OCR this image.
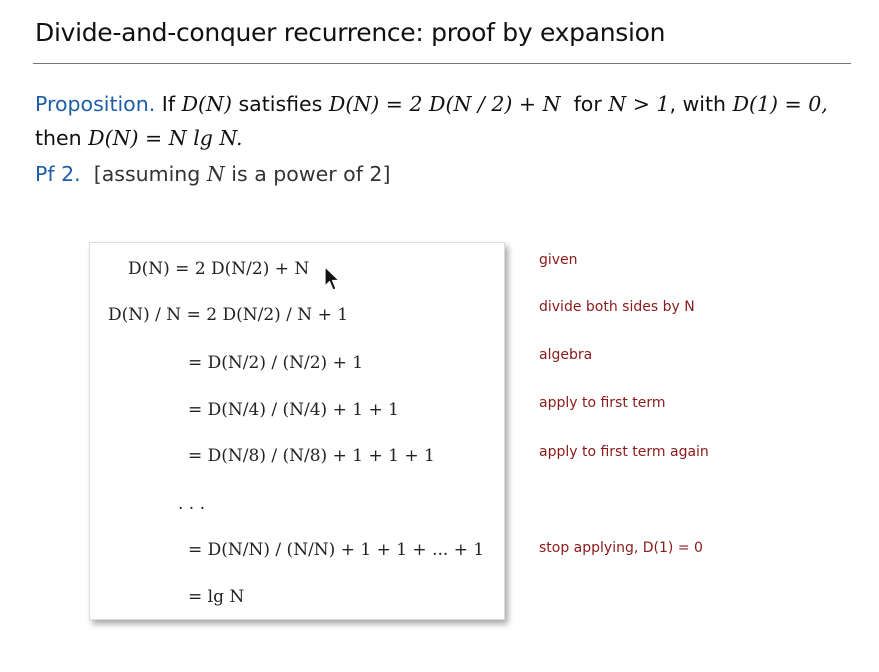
Divide-and-conquer recurrence: proof by expansion
Proposition. If D(N) satisfies D(N) = 2 D(N / 2) + N for N > 1, with D(1) = 0,
then D(N) = N lg N.
Pf 2. [assuming N is a power of 2]
D(N) = 2 D(N/2) + N
D(N) / N = 2 D(N/2) / N + 1
= D(N/2) / (N/2) + 1
= D(N/4) / (N/4) + 1 + 1
= D(N/8) / (N/8) + 1 + 1 + 1
. . .
= D(N/N) / (N/N) + 1 + 1 + ... + 1
= lg N
given
divide both sides by N
algebra
apply to first term
apply to first term again
stop applying, D(1) = 0
